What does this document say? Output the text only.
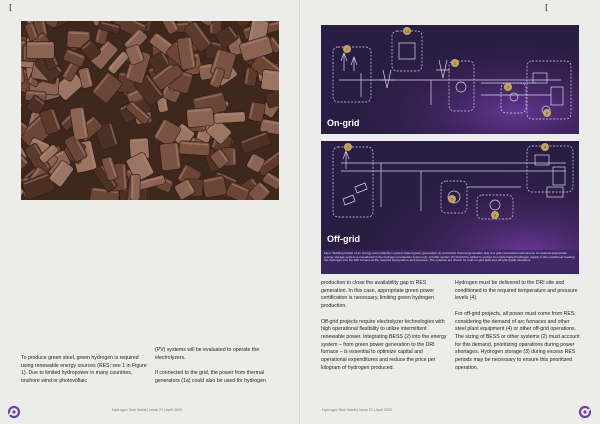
[

To produce green steel, green hydrogen is required using renewable energy sources (RES; see 1 in Figure 1). Due to limited hydropower in many countries, onshore wind or photovoltaic

(PV) systems will be evaluated to operate the electrolyzers.

If connected to the grid, the power from thermal generators (1a) could also be used for hydrogen

Hydrogen Tech World | Issue 21 | April 2025
[
1
1a
2
3
4
On-grid
1
2
3
4
Off-grid
Fig.1: Building blocks of an energy and production system based green generation (1) and fossil, thermal generation (1a) in a grid-connected environment. An optimal appropriate energy storage system is considered in the hydrogen production system (2). A buffer system (3) should be added to ensure an uninterrupted hydrogen supply in the conditioner feeding the hydrogen into the DRI furnace at the required temperature and pressure. The systems are shown for both on-grid (left) and off-grid (right) situations.

production to close the availability gap in RES generation. In this case, appropriate green power certification is necessary, limiting green hydrogen production.

Off-grid projects require electrolyzer technologies with high operational flexibility to utilize intermittent renewable power. Integrating BESS (2) into the energy system – from green power generation to the DRI furnace – is essential to optimize capital and operational expenditures and reduce the price per kilogram of hydrogen produced.

Hydrogen must be delivered to the DRI site and conditioned to the required temperature and pressure levels (4).

For off-grid projects, all power must come from RES, considering the demand of arc furnaces and other steel plant equipment (4) or other off-grid operations. The sizing of BESS or other systems (2) must account for this demand, prioritizing operations during power shortages. Hydrogen storage (3) during excess RES periods may be necessary to ensure this prioritized operation.

Hydrogen Tech World | Issue 21 | April 2025
